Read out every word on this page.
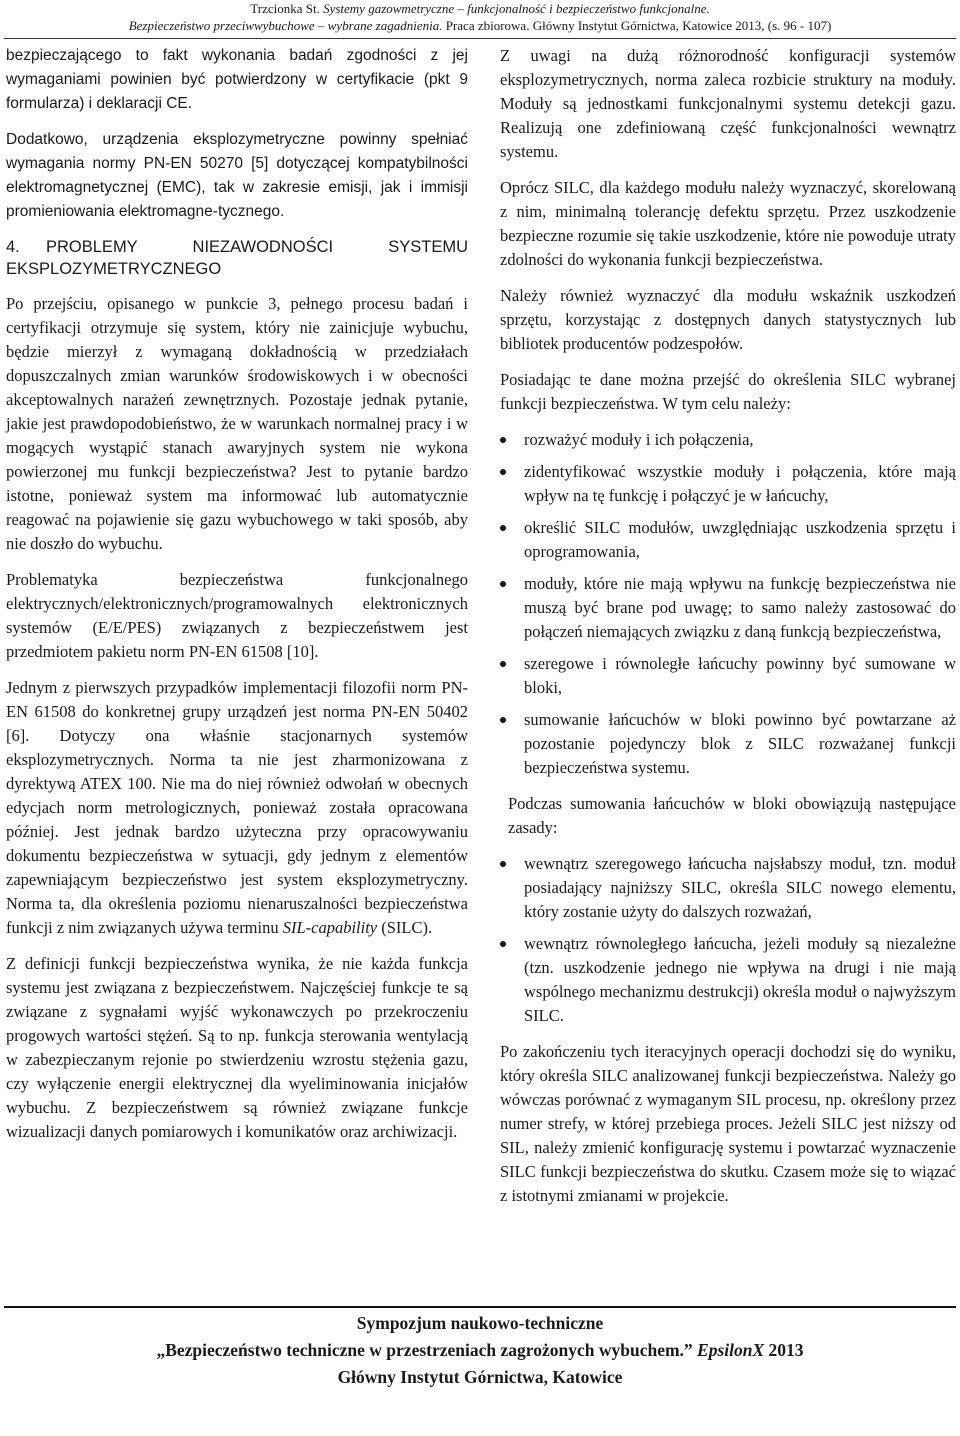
Trzcionka St. Systemy gazowmetryczne – funkcjonalność i bezpieczeństwo funkcjonalne.
Bezpieczeństwo przeciwwybuchowe – wybrane zagadnienia. Praca zbiorowa. Główny Instytut Górnictwa, Katowice 2013, (s. 96 - 107)

bezpieczającego to fakt wykonania badań zgodności z jej wymaganiami powinien być potwierdzony w certyfikacie (pkt 9 formularza) i deklaracji CE.

Dodatkowo, urządzenia eksplozymetryczne powinny spełniać wymagania normy PN-EN 50270 [5] dotyczącej kompatybilności elektromagnetycznej (EMC), tak w zakresie emisji, jak i immisji promieniowania elektromagne-tycznego.

4. PROBLEMY NIEZAWODNOŚCI SYSTEMU EKSPLOZYMETRYCZNEGO

Po przejściu, opisanego w punkcie 3, pełnego procesu badań i certyfikacji otrzymuje się system, który nie zainicjuje wybuchu, będzie mierzył z wymaganą dokładnością w przedziałach dopuszczalnych zmian warunków środowiskowych i w obecności akceptowalnych narażeń zewnętrznych. Pozostaje jednak pytanie, jakie jest prawdopodobieństwo, że w warunkach normalnej pracy i w mogących wystąpić stanach awaryjnych system nie wykona powierzonej mu funkcji bezpieczeństwa? Jest to pytanie bardzo istotne, ponieważ system ma informować lub automatycznie reagować na pojawienie się gazu wybuchowego w taki sposób, aby nie doszło do wybuchu.

Problematyka bezpieczeństwa funkcjonalnego elektrycznych/elektronicznych/programowalnych elektronicznych systemów (E/E/PES) związanych z bezpieczeństwem jest przedmiotem pakietu norm PN-EN 61508 [10].

Jednym z pierwszych przypadków implementacji filozofii norm PN-EN 61508 do konkretnej grupy urządzeń jest norma PN-EN 50402 [6]. Dotyczy ona właśnie stacjonarnych systemów eksplozymetrycznych. Norma ta nie jest zharmonizowana z dyrektywą ATEX 100. Nie ma do niej również odwołań w obecnych edycjach norm metrologicznych, ponieważ została opracowana później. Jest jednak bardzo użyteczna przy opracowywaniu dokumentu bezpieczeństwa w sytuacji, gdy jednym z elementów zapewniającym bezpieczeństwo jest system eksplozymetryczny. Norma ta, dla określenia poziomu nienaruszalności bezpieczeństwa funkcji z nim związanych używa terminu SIL-capability (SILC).

Z definicji funkcji bezpieczeństwa wynika, że nie każda funkcja systemu jest związana z bezpieczeństwem. Najczęściej funkcje te są związane z sygnałami wyjść wykonawczych po przekroczeniu progowych wartości stężeń. Są to np. funkcja sterowania wentylacją w zabezpieczanym rejonie po stwierdzeniu wzrostu stężenia gazu, czy wyłączenie energii elektrycznej dla wyeliminowania inicjałów wybuchu. Z bezpieczeństwem są również związane funkcje wizualizacji danych pomiarowych i komunikatów oraz archiwizacji.

Z uwagi na dużą różnorodność konfiguracji systemów eksplozymetrycznych, norma zaleca rozbicie struktury na moduły. Moduły są jednostkami funkcjonalnymi systemu detekcji gazu. Realizują one zdefiniowaną część funkcjonalności wewnątrz systemu.

Oprócz SILC, dla każdego modułu należy wyznaczyć, skorelowaną z nim, minimalną tolerancję defektu sprzętu. Przez uszkodzenie bezpieczne rozumie się takie uszkodzenie, które nie powoduje utraty zdolności do wykonania funkcji bezpieczeństwa.

Należy również wyznaczyć dla modułu wskaźnik uszkodzeń sprzętu, korzystając z dostępnych danych statystycznych lub bibliotek producentów podzespołów.

Posiadając te dane można przejść do określenia SILC wybranej funkcji bezpieczeństwa. W tym celu należy:

rozważyć moduły i ich połączenia,
zidentyfikować wszystkie moduły i połączenia, które mają wpływ na tę funkcję i połączyć je w łańcuchy,
określić SILC modułów, uwzględniając uszkodzenia sprzętu i oprogramowania,
moduły, które nie mają wpływu na funkcję bezpieczeństwa nie muszą być brane pod uwagę; to samo należy zastosować do połączeń niemających związku z daną funkcją bezpieczeństwa,
szeregowe i równoległe łańcuchy powinny być sumowane w bloki,
sumowanie łańcuchów w bloki powinno być powtarzane aż pozostanie pojedynczy blok z SILC rozważanej funkcji bezpieczeństwa systemu.

Podczas sumowania łańcuchów w bloki obowiązują następujące zasady:

wewnątrz szeregowego łańcucha najsłabszy moduł, tzn. moduł posiadający najniższy SILC, określa SILC nowego elementu, który zostanie użyty do dalszych rozważań,
wewnątrz równoległego łańcucha, jeżeli moduły są niezależne (tzn. uszkodzenie jednego nie wpływa na drugi i nie mają wspólnego mechanizmu destrukcji) określa moduł o najwyższym SILC.

Po zakończeniu tych iteracyjnych operacji dochodzi się do wyniku, który określa SILC analizowanej funkcji bezpieczeństwa. Należy go wówczas porównać z wymaganym SIL procesu, np. określony przez numer strefy, w której przebiega proces. Jeżeli SILC jest niższy od SIL, należy zmienić konfigurację systemu i powtarzać wyznaczenie SILC funkcji bezpieczeństwa do skutku. Czasem może się to wiązać z istotnymi zmianami w projekcie.

Sympozjum naukowo-techniczne
„Bezpieczeństwo techniczne w przestrzeniach zagrożonych wybuchem.” EpsilonX 2013
Główny Instytut Górnictwa, Katowice
